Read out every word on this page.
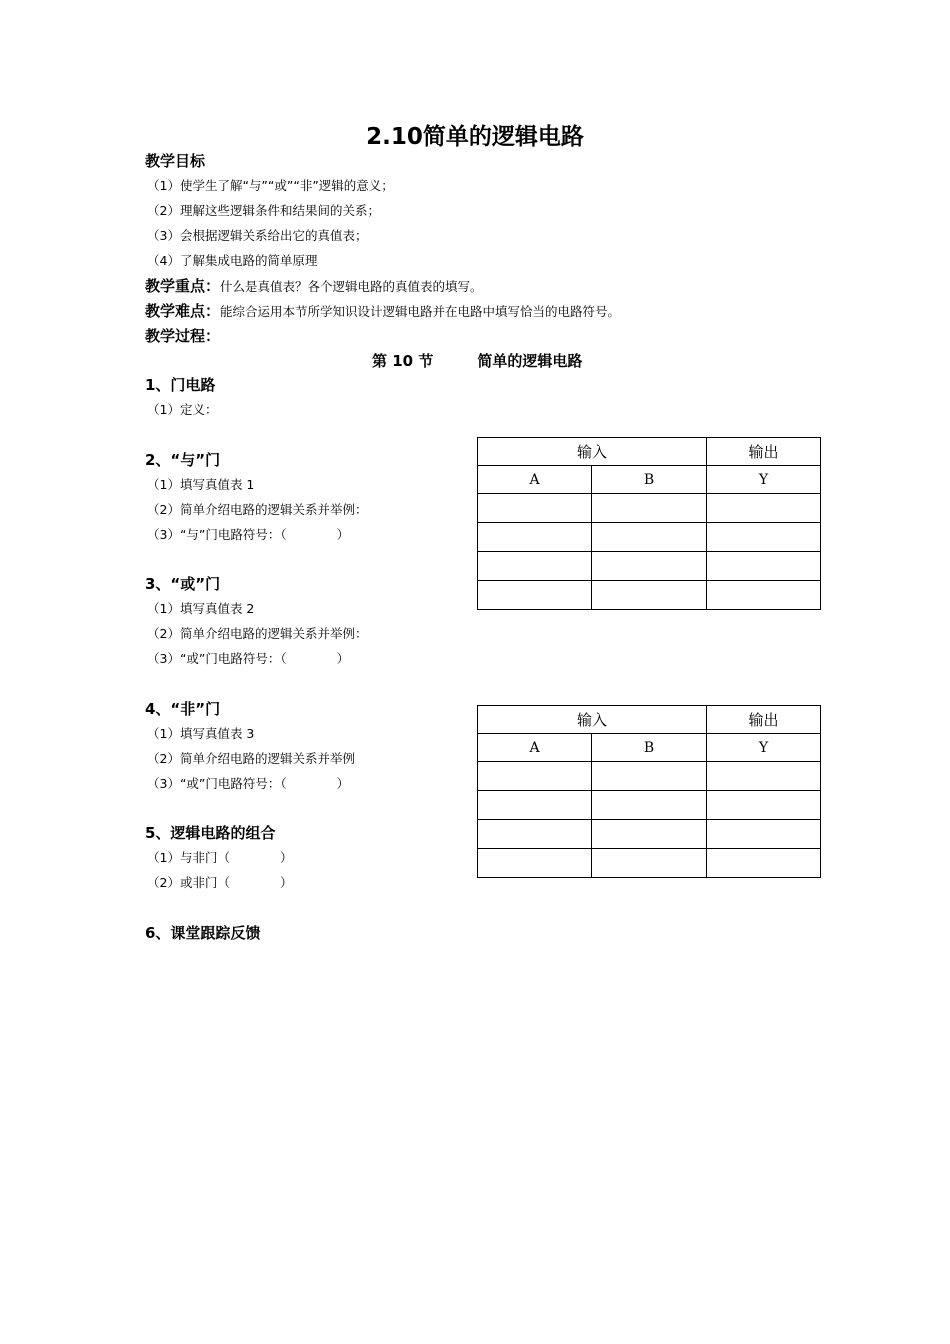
2.10简单的逻辑电路
教学目标
（1）使学生了解“与”“或”“非”逻辑的意义；
（2）理解这些逻辑条件和结果间的关系；
（3）会根据逻辑关系给出它的真值表；
（4）了解集成电路的简单原理
教学重点：什么是真值表？各个逻辑电路的真值表的填写。
教学难点：能综合运用本节所学知识设计逻辑电路并在电路中填写恰当的电路符号。
教学过程：
第 10 节	简单的逻辑电路
1、门电路
（1）定义：
2、“与”门
（1）填写真值表 1
（2）简单介绍电路的逻辑关系并举例：
（3）“与”门电路符号：（　　　　）
3、“或”门
（1）填写真值表 2
（2）简单介绍电路的逻辑关系并举例：
（3）“或”门电路符号：（　　　　）
4、“非”门
（1）填写真值表 3
（2）简单介绍电路的逻辑关系并举例
（3）“或”门电路符号：（　　　　）
5、逻辑电路的组合
（1）与非门（　　　　）
（2）或非门（　　　　）
6、课堂跟踪反馈
输入		输出
A	B	Y

输入		输出
A	B	Y
